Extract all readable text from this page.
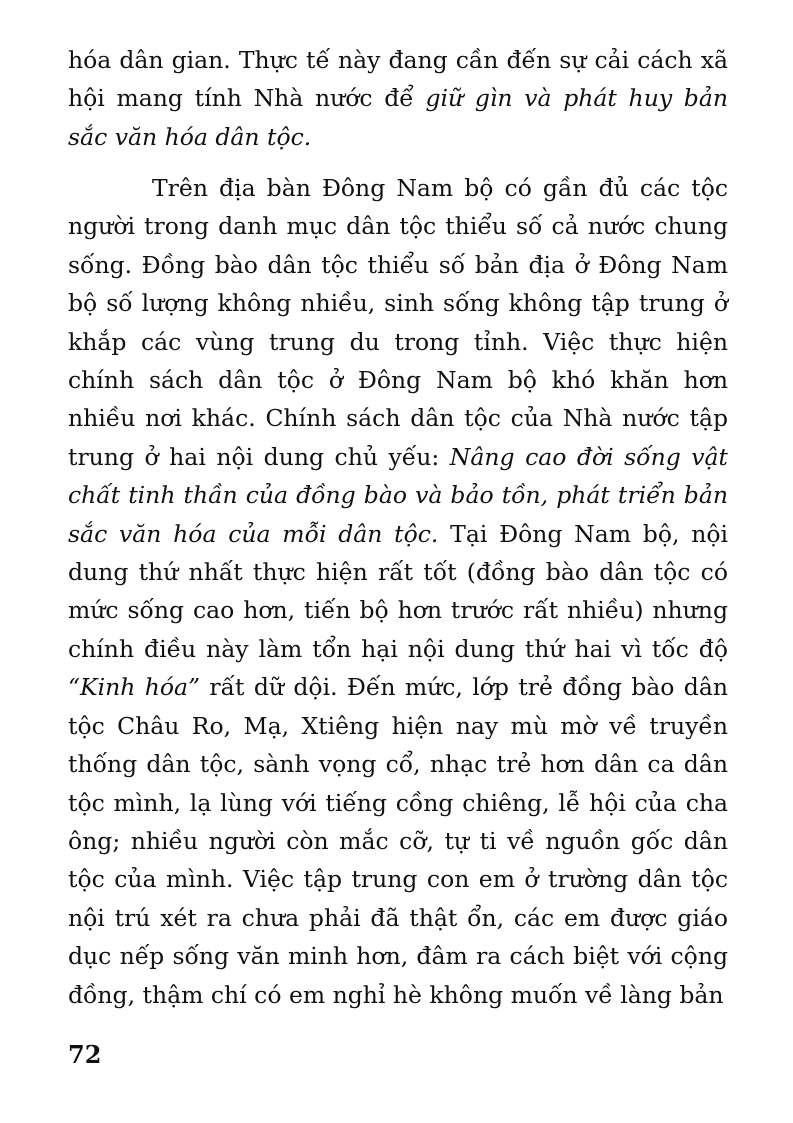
hóa dân gian. Thực tế này đang cần đến sự cải cách xã hội mang tính Nhà nước để giữ gìn và phát huy bản sắc văn hóa dân tộc.

Trên địa bàn Đông Nam bộ có gần đủ các tộc người trong danh mục dân tộc thiểu số cả nước chung sống. Đồng bào dân tộc thiểu số bản địa ở Đông Nam bộ số lượng không nhiều, sinh sống không tập trung ở khắp các vùng trung du trong tỉnh. Việc thực hiện chính sách dân tộc ở Đông Nam bộ khó khăn hơn nhiều nơi khác. Chính sách dân tộc của Nhà nước tập trung ở hai nội dung chủ yếu: Nâng cao đời sống vật chất tinh thần của đồng bào và bảo tồn, phát triển bản sắc văn hóa của mỗi dân tộc. Tại Đông Nam bộ, nội dung thứ nhất thực hiện rất tốt (đồng bào dân tộc có mức sống cao hơn, tiến bộ hơn trước rất nhiều) nhưng chính điều này làm tổn hại nội dung thứ hai vì tốc độ “Kinh hóa” rất dữ dội. Đến mức, lớp trẻ đồng bào dân tộc Châu Ro, Mạ, Xtiêng hiện nay mù mờ về truyền thống dân tộc, sành vọng cổ, nhạc trẻ hơn dân ca dân tộc mình, lạ lùng với tiếng cồng chiêng, lễ hội của cha ông; nhiều người còn mắc cỡ, tự ti về nguồn gốc dân tộc của mình. Việc tập trung con em ở trường dân tộc nội trú xét ra chưa phải đã thật ổn, các em được giáo dục nếp sống văn minh hơn, đâm ra cách biệt với cộng đồng, thậm chí có em nghỉ hè không muốn về làng bản

72
